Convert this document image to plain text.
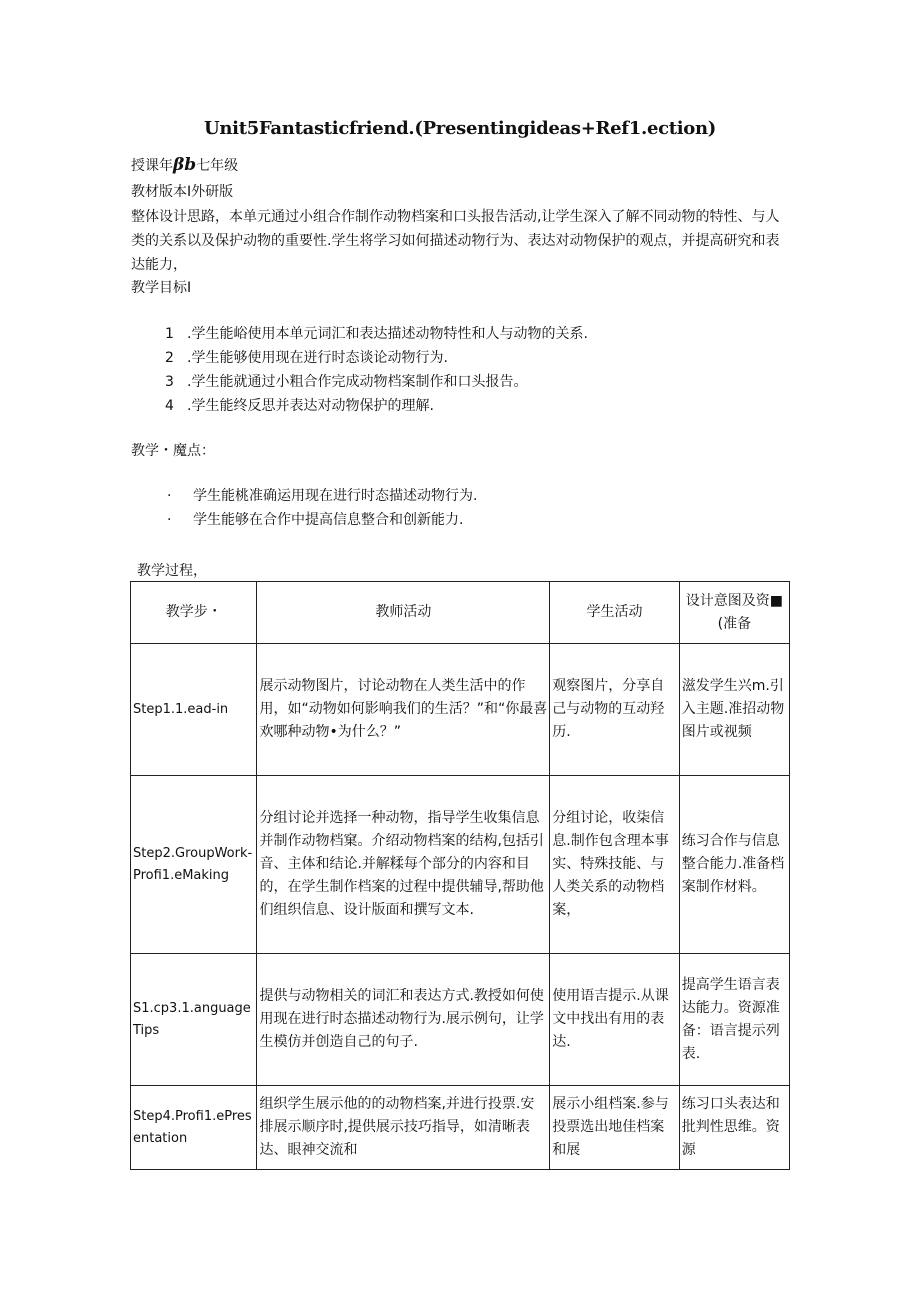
Unit5Fantasticfriend.(Presentingideas+Ref1.ection)
授课年βb七年级
教材版本I外研版
整体设计思路，本单元通过小组合作制作动物档案和口头报告活动,让学生深入了解不同动物的特性、与人类的关系以及保护动物的重要性.学生将学习如何描述动物行为、表达对动物保护的观点，并提高研究和表达能力，
教学目标I
1 .学生能峪使用本单元词汇和表达描述动物特性和人与动物的关系.
2 .学生能够使用现在迸行时态谈论动物行为.
3 .学生能就通过小粗合作完成动物档案制作和口头报告。
4 .学生能终反思并表达对动物保护的理解.
教学・魔点：
·	学生能桃准确运用现在进行时态描述动物行为.
·	学生能够在合作中提高信息整合和创新能力.
教学过程，
教学步・	教师活动	学生活动	设计意图及资■(准备
Step1.1.ead-in	展示动物图片，讨论动物在人类生活中的作用，如“动物如何影响我们的生活？”和“你最喜欢哪种动物•为什么？”	观察图片，分享自己与动物的互动羟历.	滋发学生兴m.引入主题.准招动物图片或视频
Step2.GroupWork-Profi1.eMaking	分组讨论并选择一种动物，指导学生收集信息并制作动物档窠。介绍动物档案的结构,包括引音、主体和结论.并解糅每个部分的内容和目的，在学生制作档案的过程中提供辅导,帮助他们组织信息、设计版面和撰写文本.	分组讨论，收柒信息.制作包含理本事实、特殊技能、与人类关系的动物档案，	练习合作与信息整合能力.准备档案制作材料。
S1.cp3.1.anguageTips	提供与动物相关的词汇和表达方式.教授如何使用现在进行时态描述动物行为.展示例句，让学生模仿并创造自己的句子.	使用语吉提示.从课文中找出有用的表达.	提高学生语言表达能力。资源准备：语言提示列表.
Step4.Profi1.ePresentation	组织学生展示他的的动物档案,并进行投票.安排展示顺序时,提供展示技巧指导，如清晰表达、眼神交流和	展示小组档案.参与投票选出地佳档案和展	练习口头表达和批判性思维。资源
